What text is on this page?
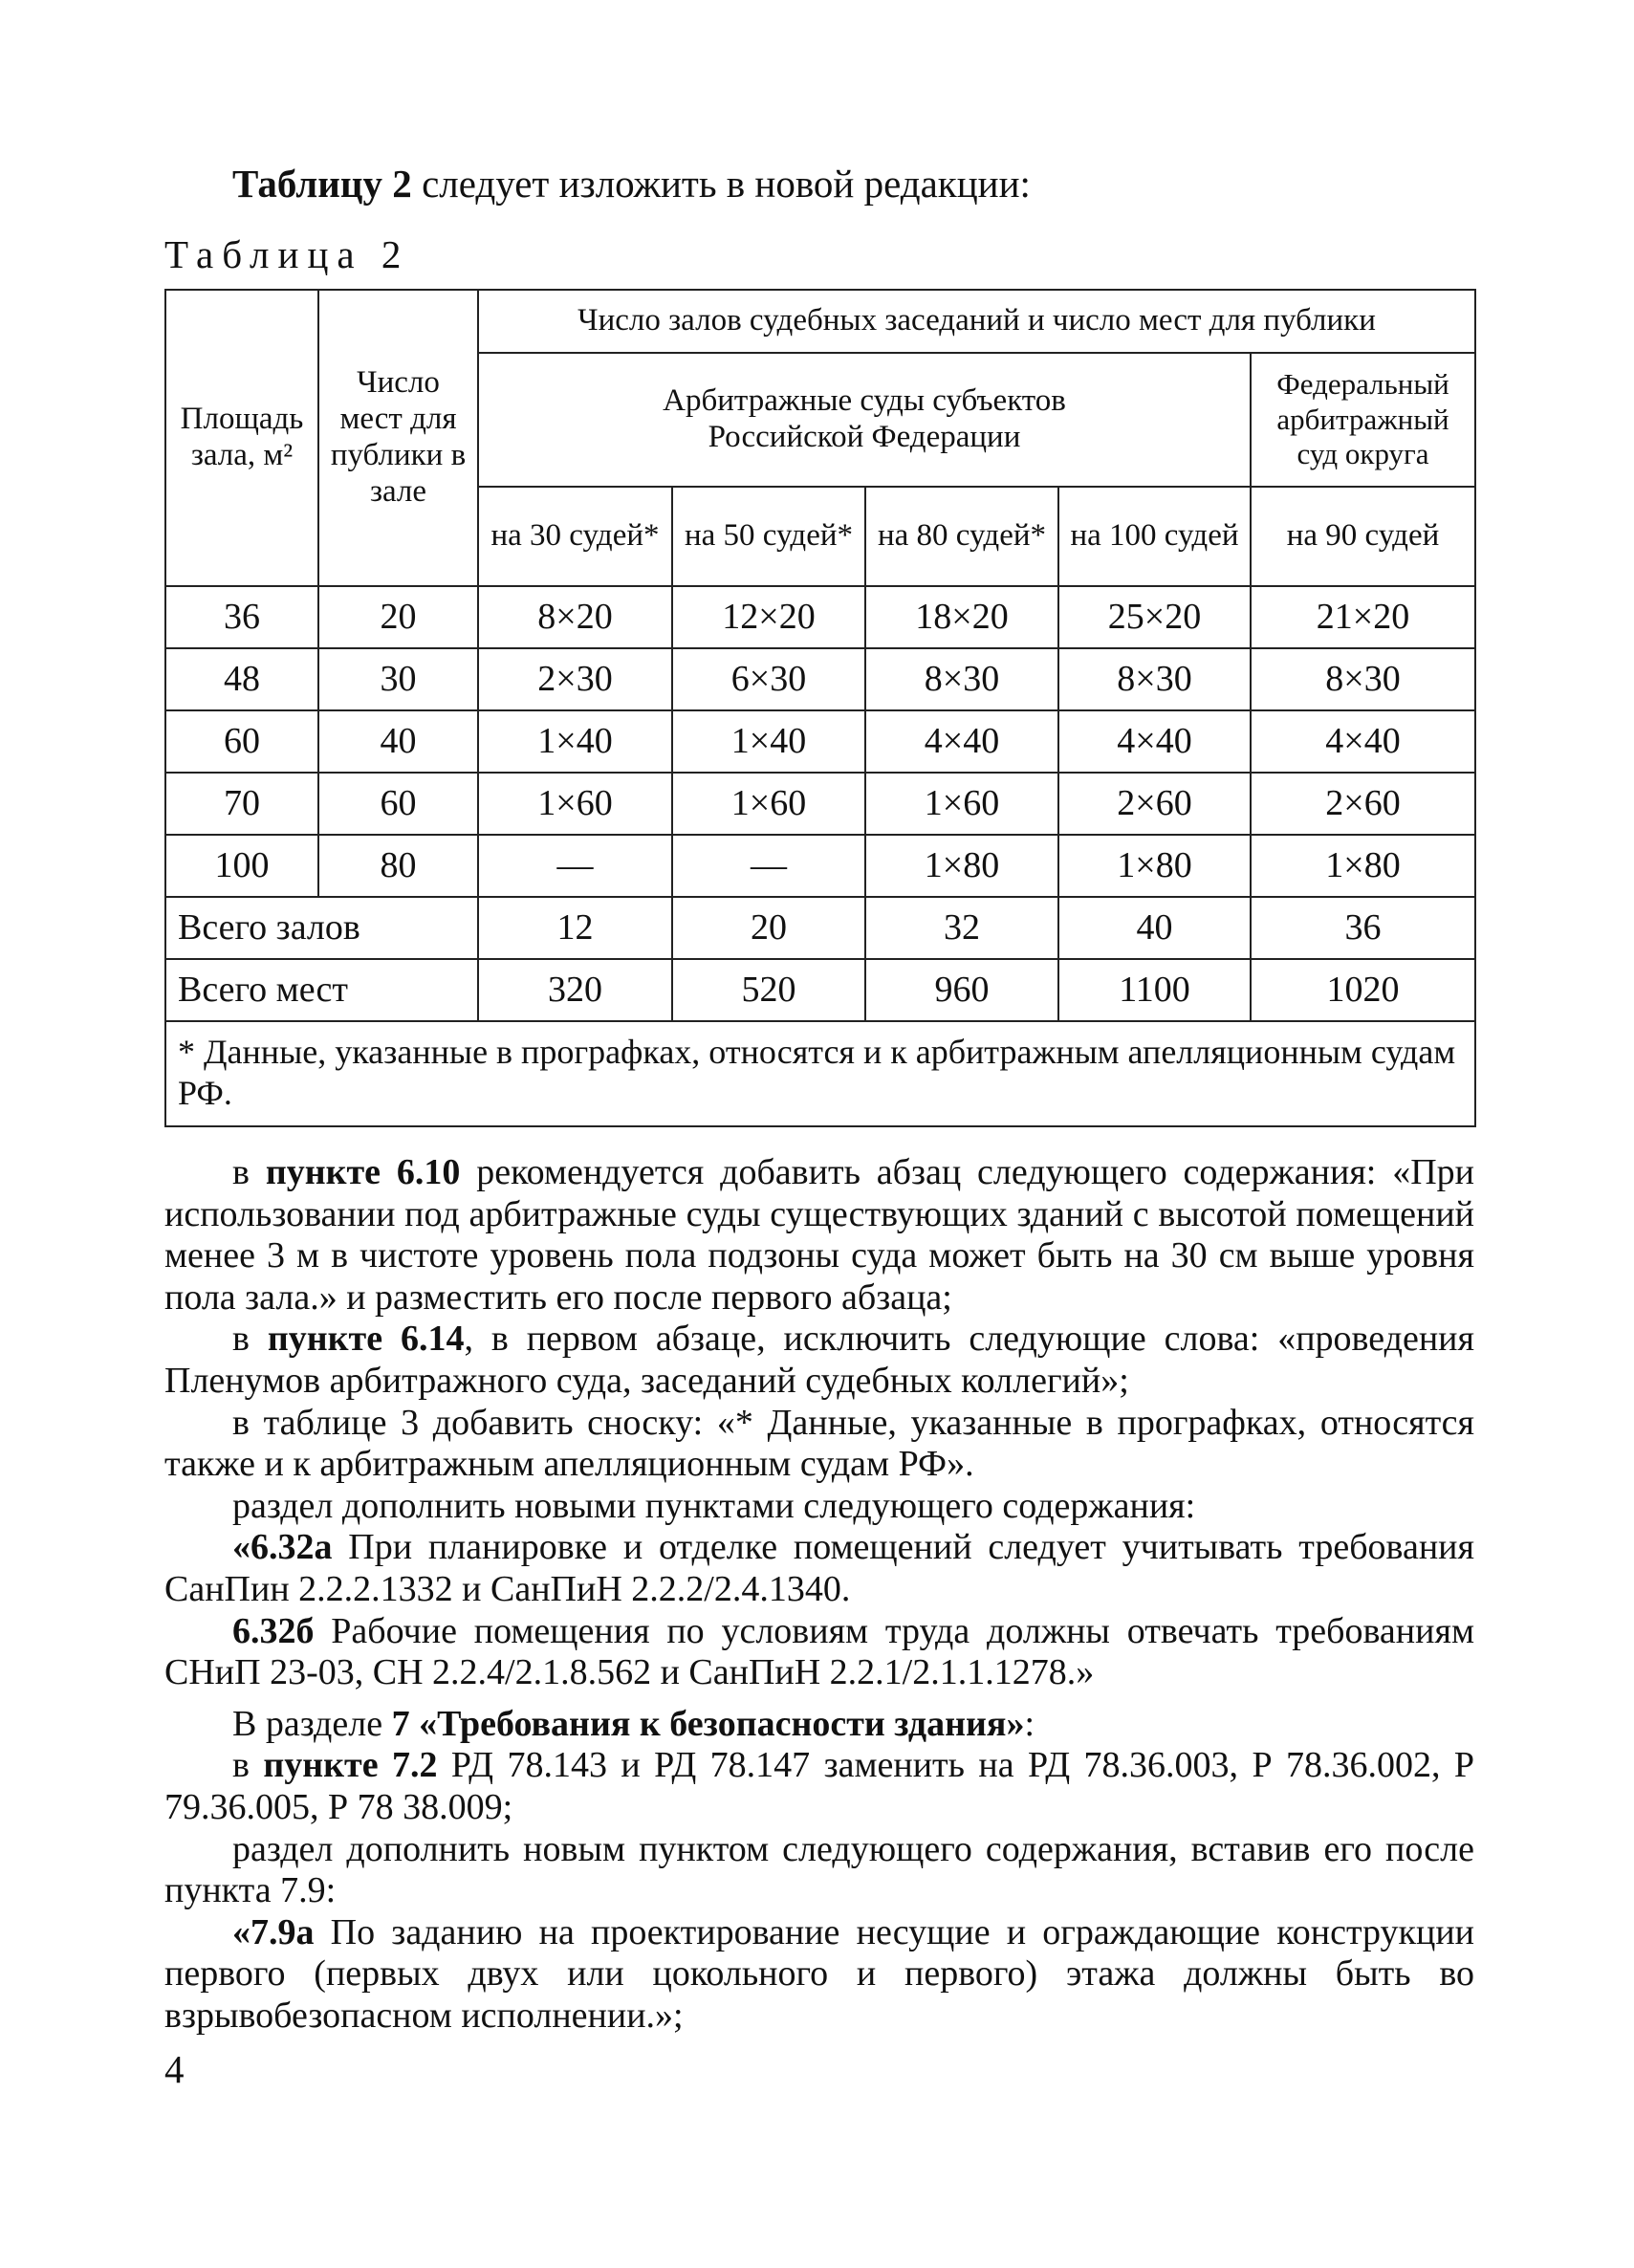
Таблицу 2 следует изложить в новой редакции:
Таблица 2
Площадь зала, м²	Число мест для публики в зале	Число залов судебных заседаний и число мест для публики				
		Арбитражные суды субъектов Российской Федерации				Федеральный арбитражный суд округа
		на 30 судей*	на 50 судей*	на 80 судей*	на 100 судей	на 90 судей
36	20	8×20	12×20	18×20	25×20	21×20
48	30	2×30	6×30	8×30	8×30	8×30
60	40	1×40	1×40	4×40	4×40	4×40
70	60	1×60	1×60	1×60	2×60	2×60
100	80	—	—	1×80	1×80	1×80
Всего залов		12	20	32	40	36
Всего мест		320	520	960	1100	1020
* Данные, указанные в прографках, относятся и к арбитражным апелляционным судам РФ.						

в пункте 6.10 рекомендуется добавить абзац следующего содержания: «При использовании под арбитражные суды существующих зданий с высотой помещений менее 3 м в чистоте уровень пола подзоны суда может быть на 30 см выше уровня пола зала.» и разместить его после первого абзаца;

в пункте 6.14, в первом абзаце, исключить следующие слова: «проведения Пленумов арбитражного суда, заседаний судебных коллегий»;

в таблице 3 добавить сноску: «* Данные, указанные в прографках, относятся также и к арбитражным апелляционным судам РФ».

раздел дополнить новыми пунктами следующего содержания:

«6.32а При планировке и отделке помещений следует учитывать требования СанПин 2.2.2.1332 и СанПиН 2.2.2/2.4.1340.

6.32б Рабочие помещения по условиям труда должны отвечать требованиям СНиП 23-03, СН 2.2.4/2.1.8.562 и СанПиН 2.2.1/2.1.1.1278.»

В разделе 7 «Требования к безопасности здания»:

в пункте 7.2 РД 78.143 и РД 78.147 заменить на РД 78.36.003, Р 78.36.002, Р 79.36.005, Р 78 38.009;

раздел дополнить новым пунктом следующего содержания, вставив его после пункта 7.9:

«7.9а По заданию на проектирование несущие и ограждающие конструкции первого (первых двух или цокольного и первого) этажа должны быть во взрывобезопасном исполнении.»;

4
